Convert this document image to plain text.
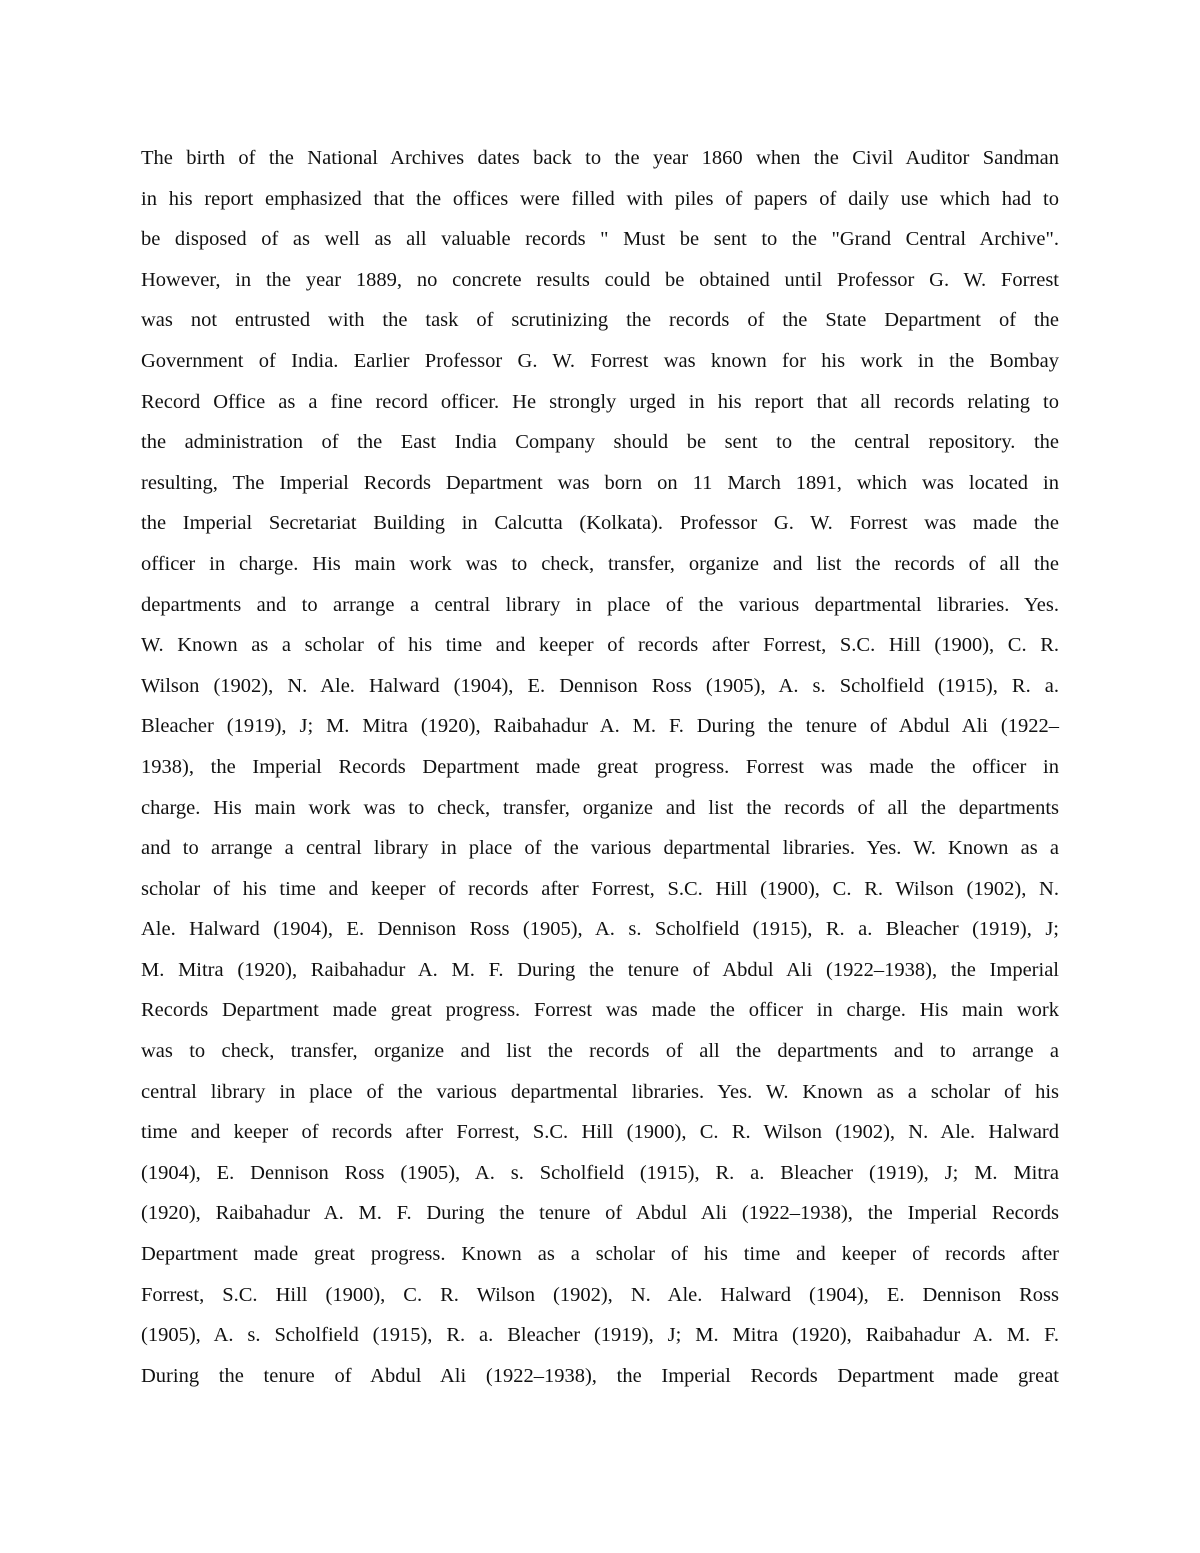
The birth of the National Archives dates back to the year 1860 when the Civil Auditor Sandman
in his report emphasized that the offices were filled with piles of papers of daily use which had to
be disposed of as well as all valuable records " Must be sent to the "Grand Central Archive".
However, in the year 1889, no concrete results could be obtained until Professor G. W. Forrest
was not entrusted with the task of scrutinizing the records of the State Department of the
Government of India. Earlier Professor G. W. Forrest was known for his work in the Bombay
Record Office as a fine record officer. He strongly urged in his report that all records relating to
the administration of the East India Company should be sent to the central repository. the
resulting, The Imperial Records Department was born on 11 March 1891, which was located in
the Imperial Secretariat Building in Calcutta (Kolkata). Professor G. W. Forrest was made the
officer in charge. His main work was to check, transfer, organize and list the records of all the
departments and to arrange a central library in place of the various departmental libraries. Yes.
W. Known as a scholar of his time and keeper of records after Forrest, S.C. Hill (1900), C. R.
Wilson (1902), N. Ale. Halward (1904), E. Dennison Ross (1905), A. s. Scholfield (1915), R. a.
Bleacher (1919), J; M. Mitra (1920), Raibahadur A. M. F. During the tenure of Abdul Ali (1922–
1938), the Imperial Records Department made great progress. Forrest was made the officer in
charge. His main work was to check, transfer, organize and list the records of all the departments
and to arrange a central library in place of the various departmental libraries. Yes. W. Known as a
scholar of his time and keeper of records after Forrest, S.C. Hill (1900), C. R. Wilson (1902), N.
Ale. Halward (1904), E. Dennison Ross (1905), A. s. Scholfield (1915), R. a. Bleacher (1919), J;
M. Mitra (1920), Raibahadur A. M. F. During the tenure of Abdul Ali (1922–1938), the Imperial
Records Department made great progress. Forrest was made the officer in charge. His main work
was to check, transfer, organize and list the records of all the departments and to arrange a
central library in place of the various departmental libraries. Yes. W. Known as a scholar of his
time and keeper of records after Forrest, S.C. Hill (1900), C. R. Wilson (1902), N. Ale. Halward
(1904), E. Dennison Ross (1905), A. s. Scholfield (1915), R. a. Bleacher (1919), J; M. Mitra
(1920), Raibahadur A. M. F. During the tenure of Abdul Ali (1922–1938), the Imperial Records
Department made great progress. Known as a scholar of his time and keeper of records after
Forrest, S.C. Hill (1900), C. R. Wilson (1902), N. Ale. Halward (1904), E. Dennison Ross
(1905), A. s. Scholfield (1915), R. a. Bleacher (1919), J; M. Mitra (1920), Raibahadur A. M. F.
During the tenure of Abdul Ali (1922–1938), the Imperial Records Department made great
